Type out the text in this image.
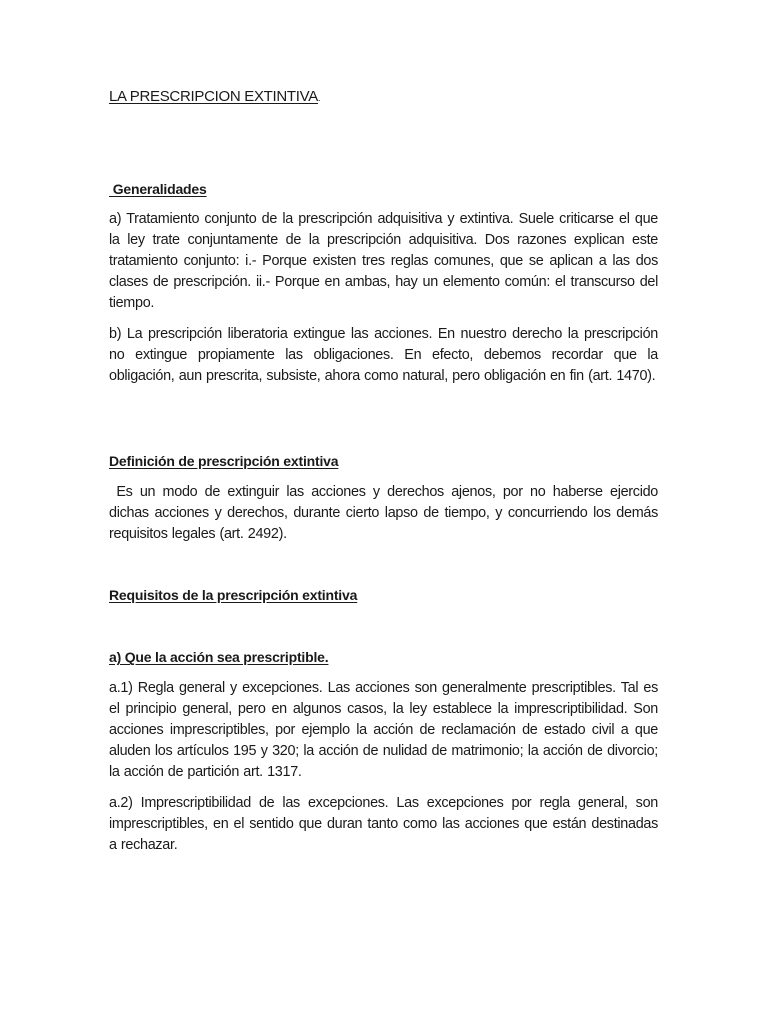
LA PRESCRIPCION EXTINTIVA.
Generalidades
a) Tratamiento conjunto de la prescripción adquisitiva y extintiva. Suele criticarse el que la ley trate conjuntamente de la prescripción adquisitiva. Dos razones explican este tratamiento conjunto: i.- Porque existen tres reglas comunes, que se aplican a las dos clases de prescripción. ii.- Porque en ambas, hay un elemento común: el transcurso del tiempo.
b) La prescripción liberatoria extingue las acciones. En nuestro derecho la prescripción no extingue propiamente las obligaciones. En efecto, debemos recordar que la obligación, aun prescrita, subsiste, ahora como natural, pero obligación en fin (art. 1470).
Definición de prescripción extintiva
Es un modo de extinguir las acciones y derechos ajenos, por no haberse ejercido dichas acciones y derechos, durante cierto lapso de tiempo, y concurriendo los demás requisitos legales (art. 2492).
Requisitos de la prescripción extintiva
a) Que la acción sea prescriptible.
a.1) Regla general y excepciones. Las acciones son generalmente prescriptibles. Tal es el principio general, pero en algunos casos, la ley establece la imprescriptibilidad. Son acciones imprescriptibles, por ejemplo la acción de reclamación de estado civil a que aluden los artículos 195 y 320; la acción de nulidad de matrimonio; la acción de divorcio; la acción de partición art. 1317.
a.2) Imprescriptibilidad de las excepciones. Las excepciones por regla general, son imprescriptibles, en el sentido que duran tanto como las acciones que están destinadas a rechazar.
